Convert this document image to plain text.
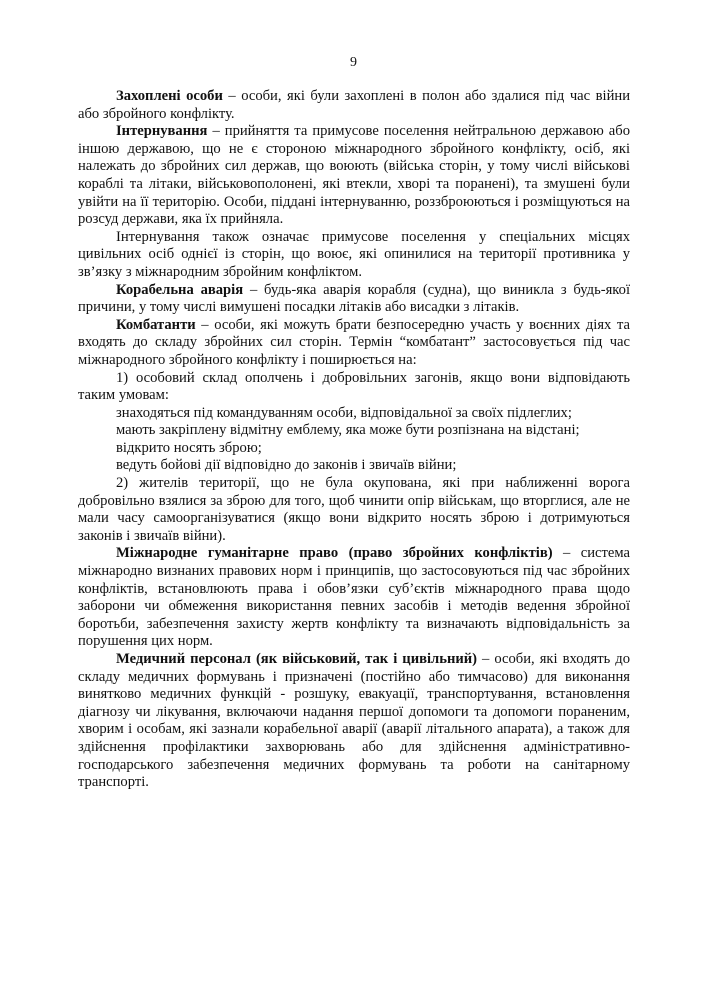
9

Захоплені особи – особи, які були захоплені в полон або здалися під час війни або збройного конфлікту.

Інтернування – прийняття та примусове поселення нейтральною державою або іншою державою, що не є стороною міжнародного збройного конфлікту, осіб, які належать до збройних сил держав, що воюють (війська сторін, у тому числі військові кораблі та літаки, військовополонені, які втекли, хворі та поранені), та змушені були увійти на її територію. Особи, піддані інтернуванню, роззброюються і розміщуються на розсуд держави, яка їх прийняла.

Інтернування також означає примусове поселення у спеціальних місцях цивільних осіб однієї із сторін, що воює, які опинилися на території противника у зв’язку з міжнародним збройним конфліктом.

Корабельна аварія – будь-яка аварія корабля (судна), що виникла з будь-якої причини, у тому числі вимушені посадки літаків або висадки з літаків.

Комбатанти – особи, які можуть брати безпосередню участь у воєнних діях та входять до складу збройних сил сторін. Термін “комбатант” застосовується під час міжнародного збройного конфлікту і поширюється на:

1) особовий склад ополчень і добровільних загонів, якщо вони відповідають таким умовам:

знаходяться під командуванням особи, відповідальної за своїх підлеглих;

мають закріплену відмітну емблему, яка може бути розпізнана на відстані;

відкрито носять зброю;

ведуть бойові дії відповідно до законів і звичаїв війни;

2) жителів території, що не була окупована, які при наближенні ворога добровільно взялися за зброю для того, щоб чинити опір військам, що вторглися, але не мали часу самоорганізуватися (якщо вони відкрито носять зброю і дотримуються законів і звичаїв війни).

Міжнародне гуманітарне право (право збройних конфліктів) – система міжнародно визнаних правових норм і принципів, що застосовуються під час збройних конфліктів, встановлюють права і обов’язки суб’єктів міжнародного права щодо заборони чи обмеження використання певних засобів і методів ведення збройної боротьби, забезпечення захисту жертв конфлікту та визначають відповідальність за порушення цих норм.

Медичний персонал (як військовий, так і цивільний) – особи, які входять до складу медичних формувань і призначені (постійно або тимчасово) для виконання винятково медичних функцій - розшуку, евакуації, транспортування, встановлення діагнозу чи лікування, включаючи надання першої допомоги та допомоги пораненим, хворим і особам, які зазнали корабельної аварії (аварії літального апарата), а також для здійснення профілактики захворювань або для здійснення адміністративно-господарського забезпечення медичних формувань та роботи на санітарному транспорті.
